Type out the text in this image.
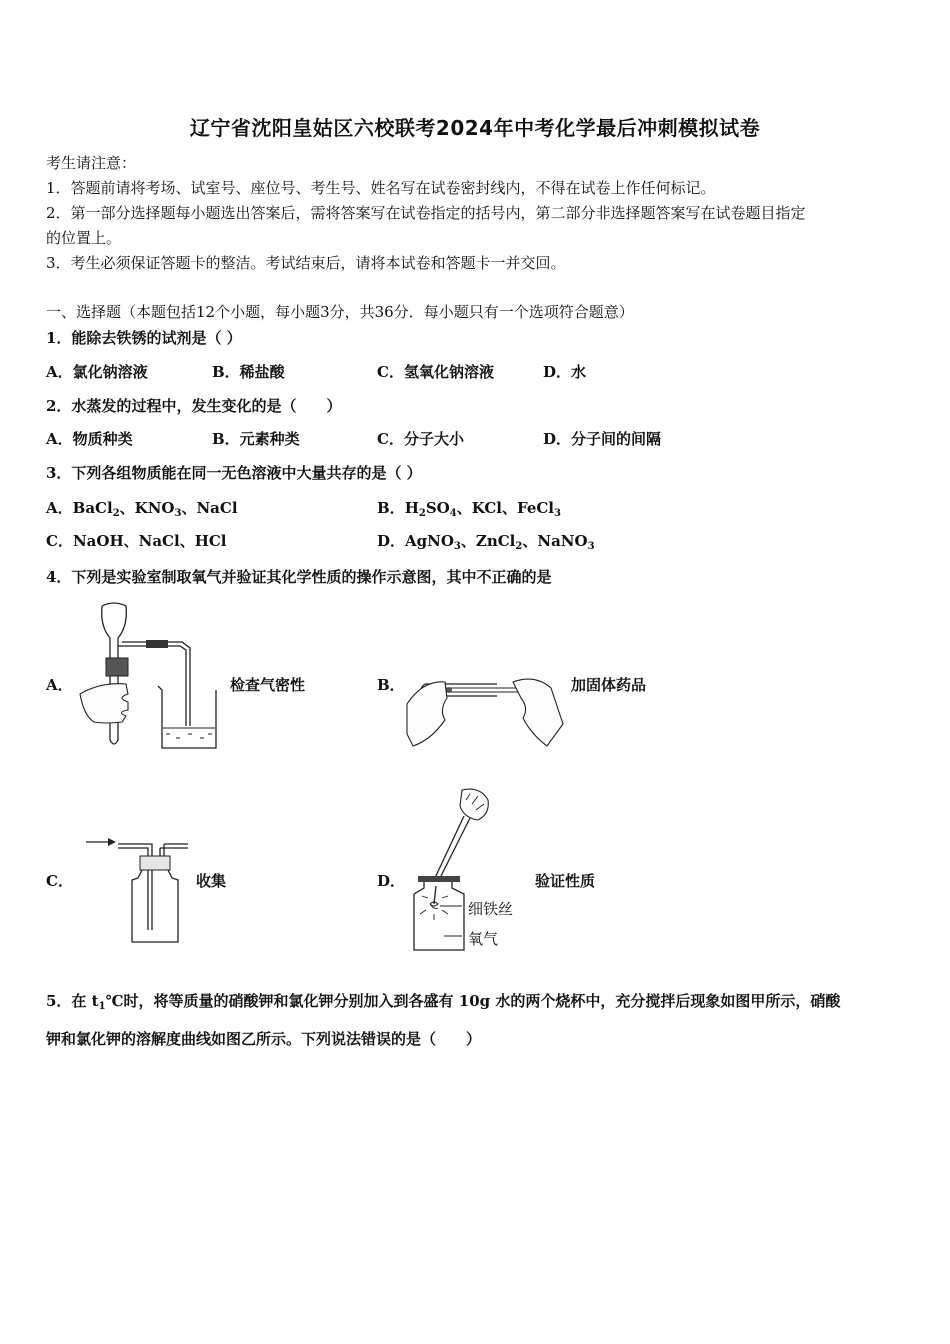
辽宁省沈阳皇姑区六校联考2024年中考化学最后冲刺模拟试卷
考生请注意：
1．答题前请将考场、试室号、座位号、考生号、姓名写在试卷密封线内，不得在试卷上作任何标记。
2．第一部分选择题每小题选出答案后，需将答案写在试卷指定的括号内，第二部分非选择题答案写在试卷题目指定
的位置上。
3．考生必须保证答题卡的整洁。考试结束后，请将本试卷和答题卡一并交回。
一、选择题（本题包括12个小题，每小题3分，共36分．每小题只有一个选项符合题意）
1．能除去铁锈的试剂是（ ）
A．氯化钠溶液	B．稀盐酸	C．氢氧化钠溶液	D．水
2．水蒸发的过程中，发生变化的是（　　）
A．物质种类	B．元素种类	C．分子大小	D．分子间的间隔
3．下列各组物质能在同一无色溶液中大量共存的是（ ）
A．BaCl$_2$、$KNO_3$、NaCl	B．$H_2SO_4$、KCl、FeCl$_3$
C．NaOH、NaCl、HCl	D．AgNO$_3$、ZnCl$_2$、NaNO$_3$
4．下列是实验室制取氧气并验证其化学性质的操作示意图，其中不正确的是
A．	检查气密性	B．	加固体药品
C．	收集	D．	验证性质
细铁丝
氧气
5．在 $t_1℃$时，将等质量的硝酸钾和氯化钾分别加入到各盛有 10g 水的两个烧杯中，充分搅拌后现象如图甲所示，硝酸
钾和氯化钾的溶解度曲线如图乙所示。下列说法错误的是（　　）
